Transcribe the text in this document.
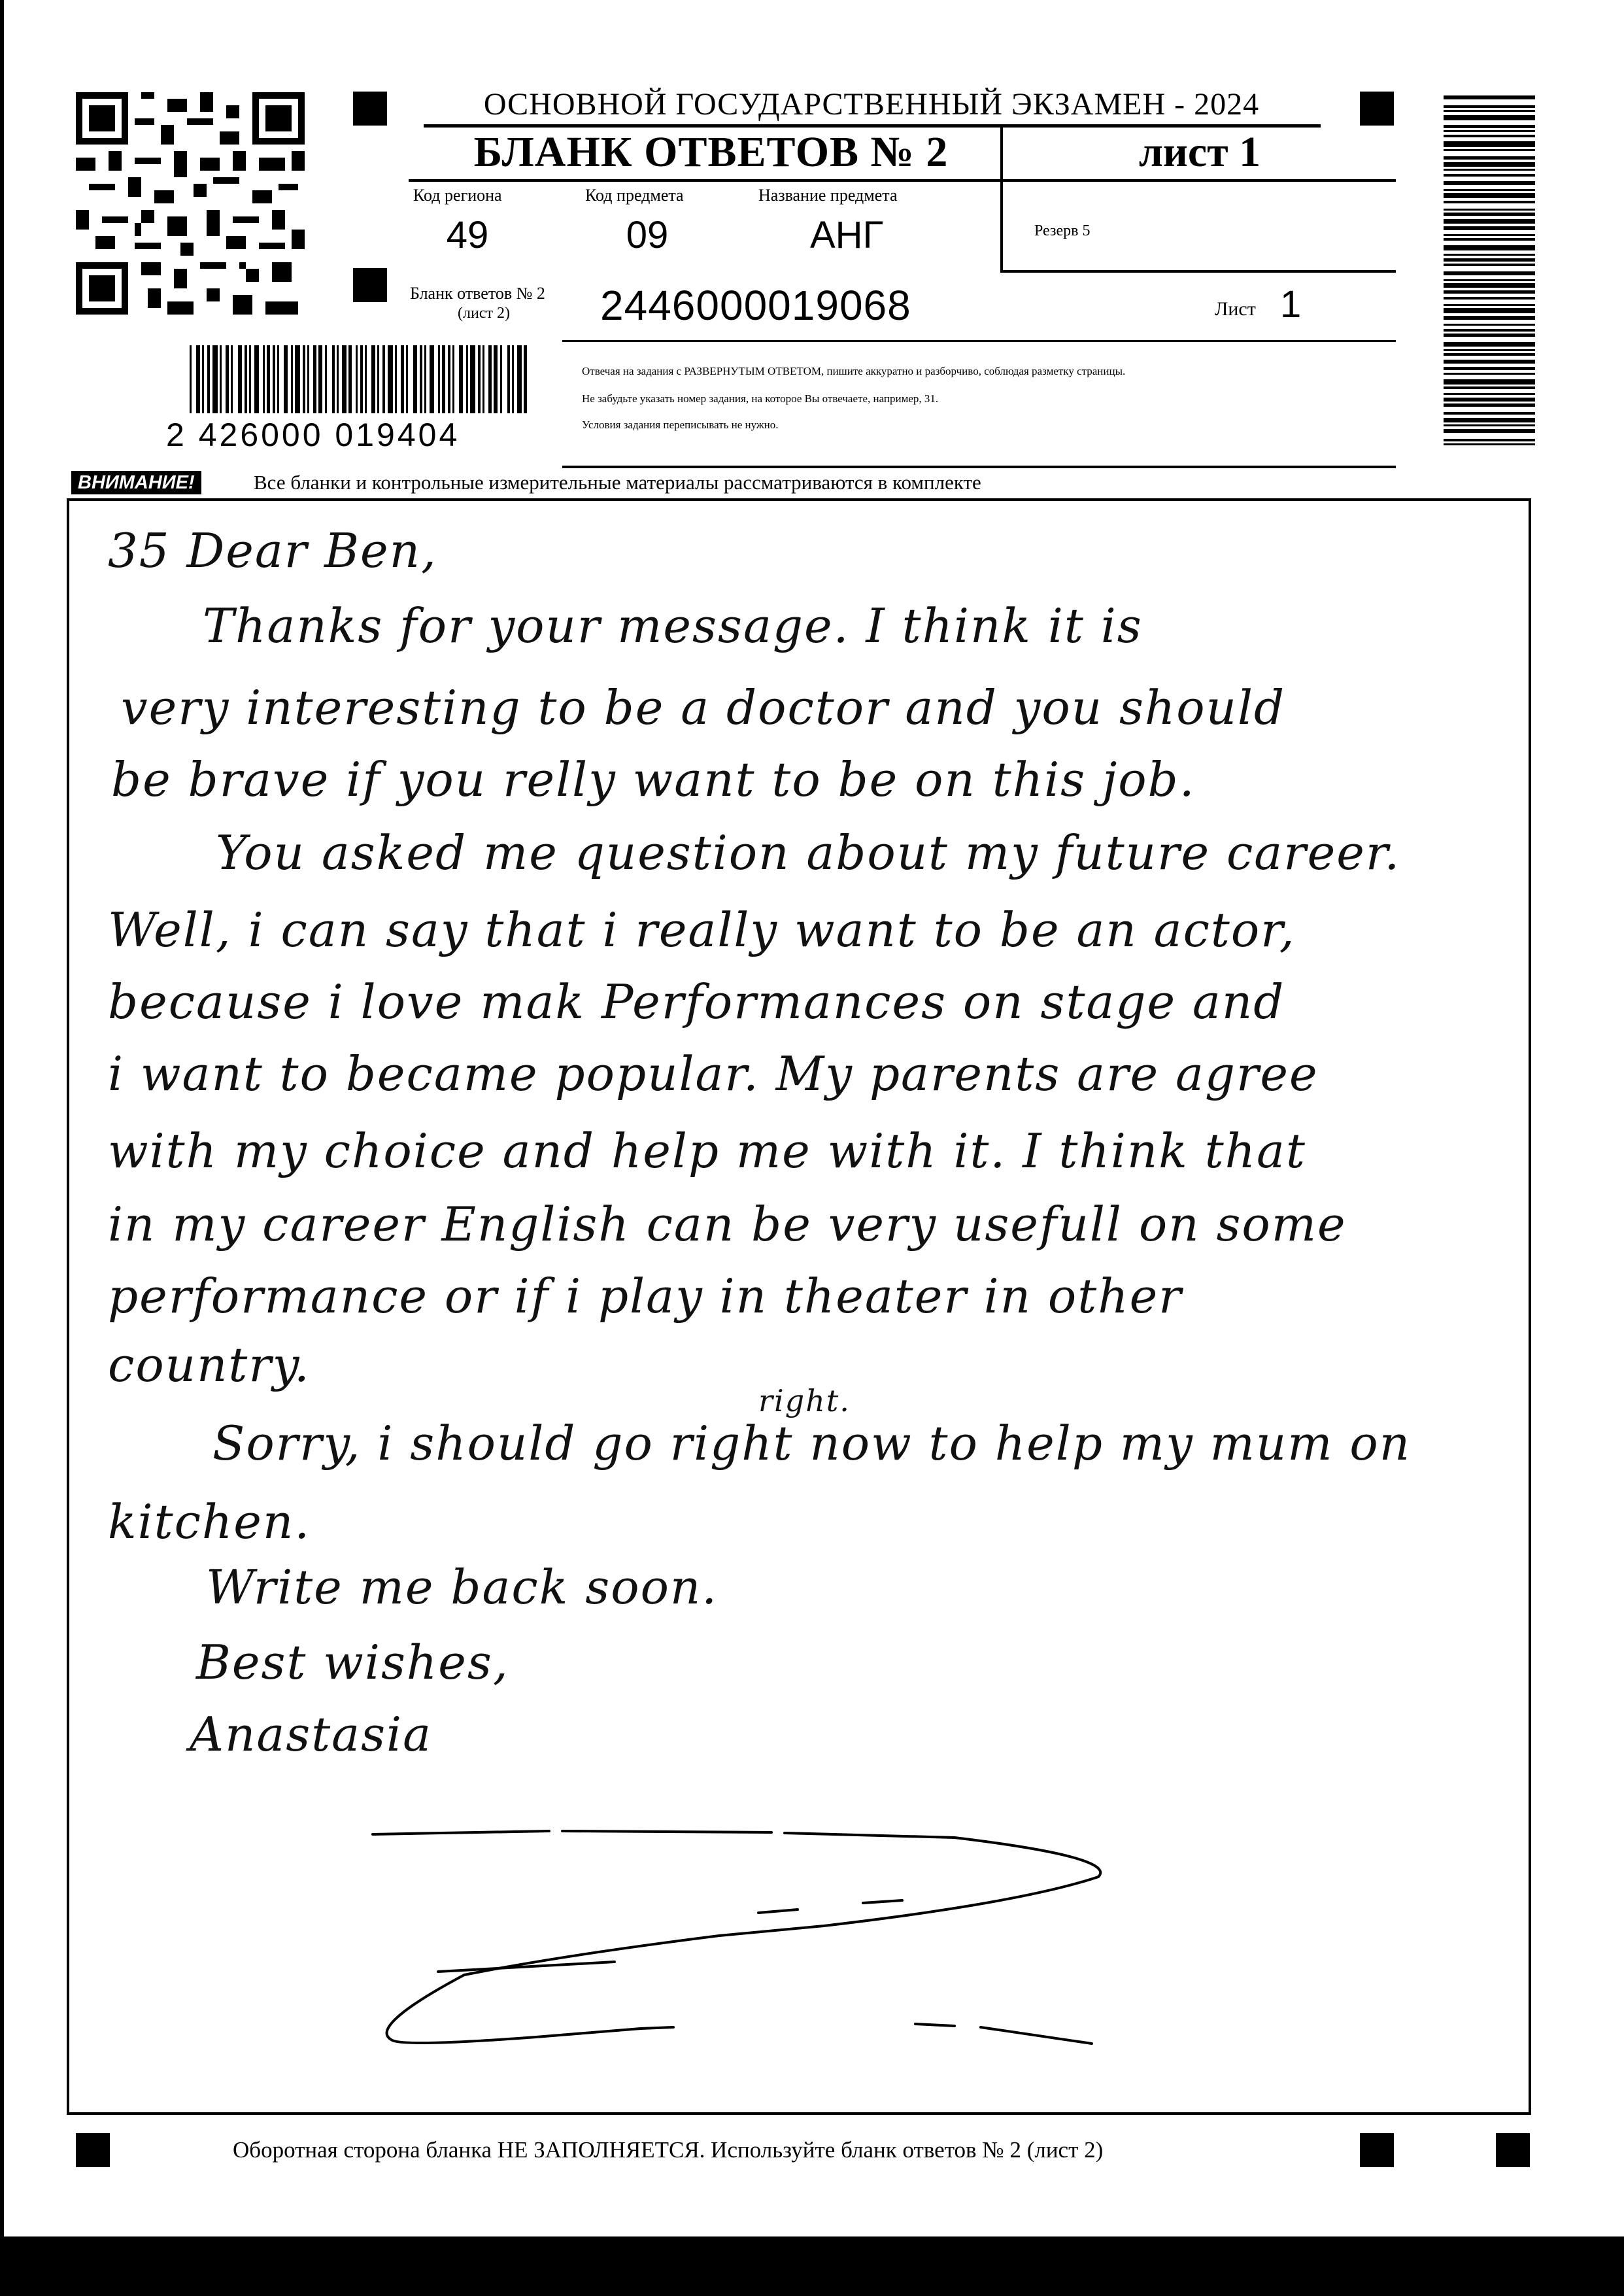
ОСНОВНОЙ ГОСУДАРСТВЕННЫЙ ЭКЗАМЕН - 2024
БЛАНК ОТВЕТОВ № 2	лист 1
Код региона
49
Код предмета
09
Название предмета
АНГ	Резерв 5
Бланк ответов № 2
(лист 2) 2446000019068	Лист 1
2 426000 019404
Отвечая на задания с РАЗВЕРНУТЫМ ОТВЕТОМ, пишите аккуратно и разборчиво, соблюдая разметку страницы.
Не забудьте указать номер задания, на которое Вы отвечаете, например, 31.
Условия задания переписывать не нужно.
ВНИМАНИЕ!	Все бланки и контрольные измерительные материалы рассматриваются в комплекте
35 Dear Ben,
Thanks for your message. I think it is
very interesting to be a doctor and you should
be brave if you relly want to be on this job.
You asked me question about my future career.
Well, i can say that i really want to be an actor,
because i love mak Performances on stage and
i want to became popular. My parents are agree
with my choice and help me with it. I think that
in my career English can be very usefull on some
performance or if i play in theater in other
country.
right.
Sorry, i should go right now to help my mum on
kitchen.
Write me back soon.
Best wishes,
Anastasia
Оборотная сторона бланка НЕ ЗАПОЛНЯЕТСЯ. Используйте бланк ответов № 2 (лист 2)
